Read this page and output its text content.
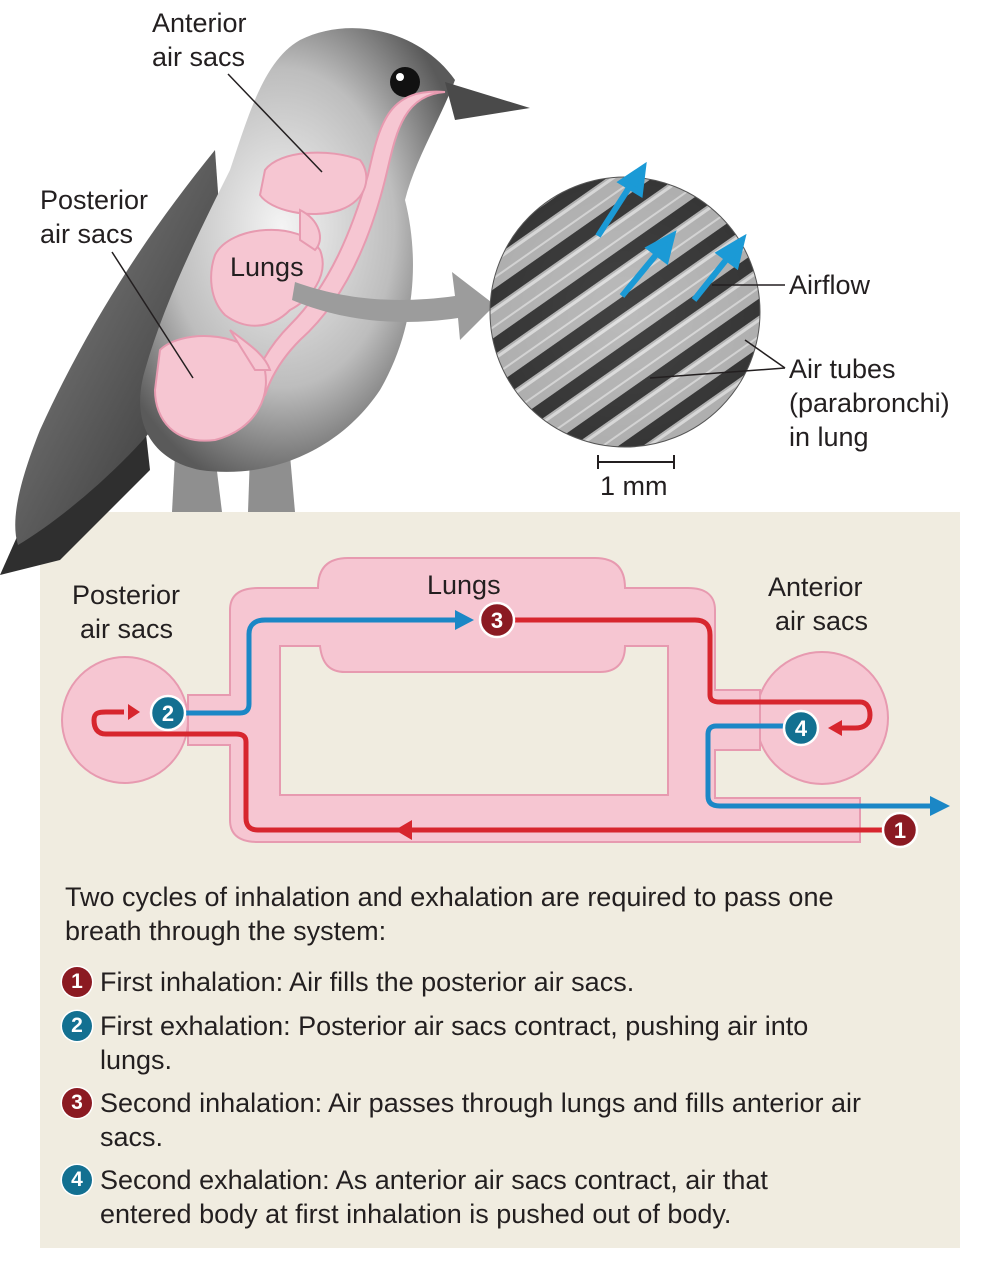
3
2
4
1
Anterior
air sacs
Posterior
air sacs
Lungs
Airflow
Air tubes
(parabronchi)
in lung
1 mm
Posterior
air sacs
Lungs	Anterior
air sacs
Two cycles of inhalation and exhalation are required to pass one breath through the system:
1 First inhalation: Air fills the posterior air sacs.
2 First exhalation: Posterior air sacs contract, pushing air into lungs.
3 Second inhalation: Air passes through lungs and fills anterior air sacs.
4 Second exhalation: As anterior air sacs contract, air that entered body at first inhalation is pushed out of body.
